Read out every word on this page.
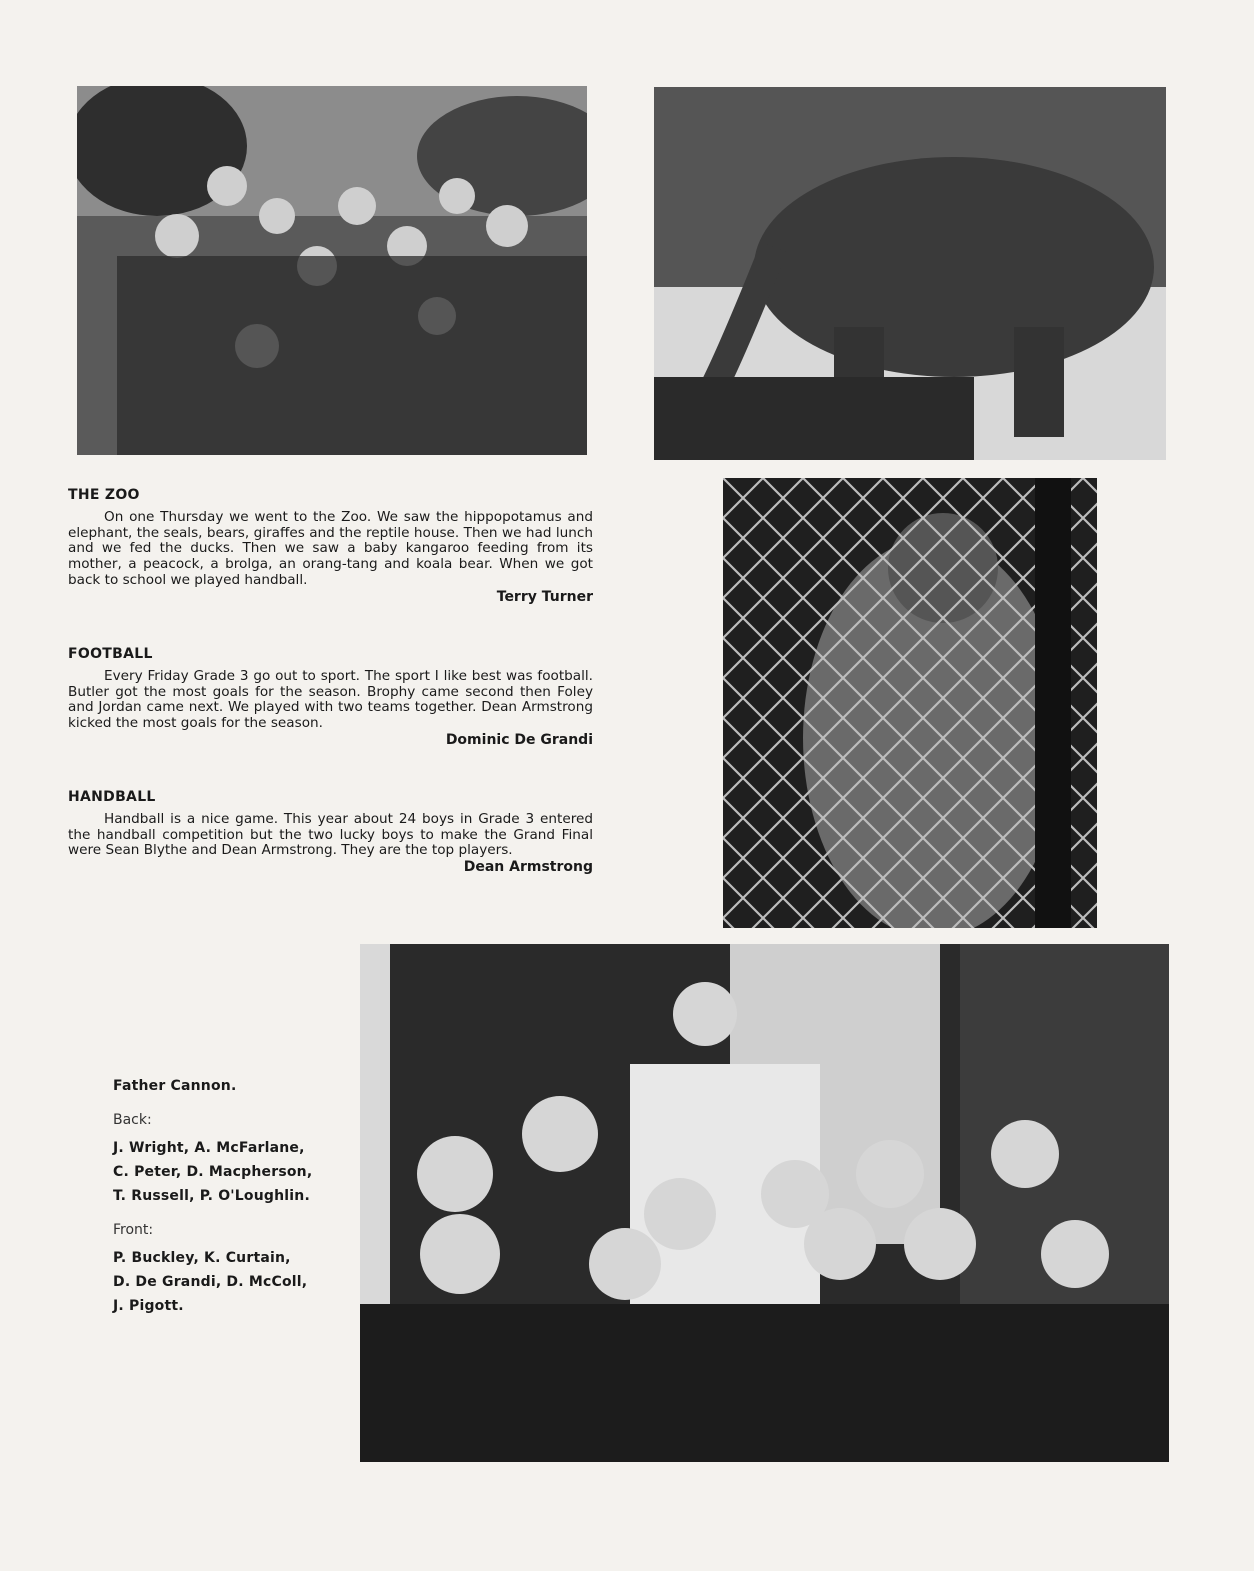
THE ZOO

On one Thursday we went to the Zoo. We saw the hippopotamus and elephant, the seals, bears, giraffes and the reptile house. Then we had lunch and we fed the ducks. Then we saw a baby kangaroo feeding from its mother, a peacock, a brolga, an orang-tang and koala bear. When we got back to school we played handball.

Terry Turner
FOOTBALL

Every Friday Grade 3 go out to sport. The sport I like best was football. Butler got the most goals for the season. Brophy came second then Foley and Jordan came next. We played with two teams together. Dean Armstrong kicked the most goals for the season.

Dominic De Grandi
HANDBALL

Handball is a nice game. This year about 24 boys in Grade 3 entered the handball competition but the two lucky boys to make the Grand Final were Sean Blythe and Dean Armstrong. They are the top players.

Dean Armstrong
Father Cannon.
Back:
J. Wright, A. McFarlane,
C. Peter, D. Macpherson,
T. Russell, P. O'Loughlin.
Front:
P. Buckley, K. Curtain,
D. De Grandi, D. McColl,
J. Pigott.
